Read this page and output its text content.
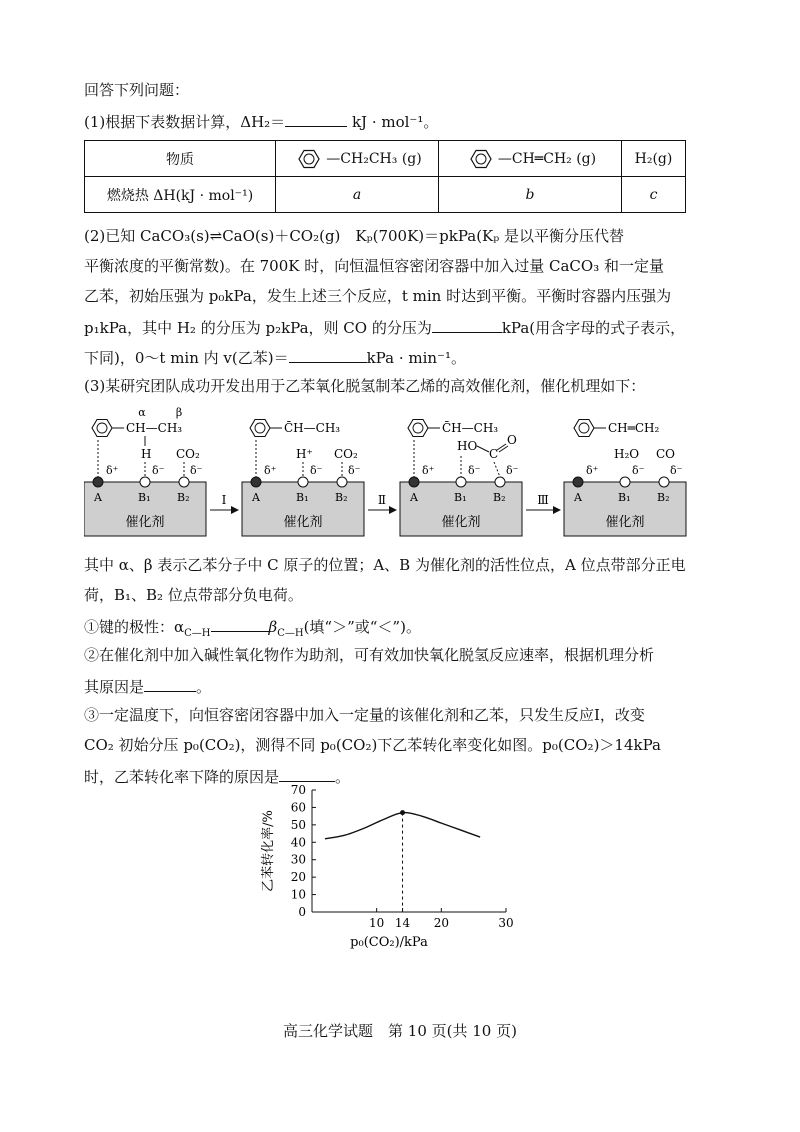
回答下列问题：
(1)根据下表数据计算，ΔH₂＝	kJ · mol⁻¹。
物质	—CH₂CH₃ (g)	—CH═CH₂ (g)	H₂(g)
燃烧热 ΔH(kJ · mol⁻¹)	a	b	c
(2)已知 CaCO₃(s)⇌CaO(s)＋CO₂(g)　Kₚ(700K)＝pkPa(Kₚ 是以平衡分压代替
平衡浓度的平衡常数)。在 700K 时，向恒温恒容密闭容器中加入过量 CaCO₃ 和一定量
乙苯，初始压强为 p₀kPa，发生上述三个反应，t min 时达到平衡。平衡时容器内压强为
p₁kPa，其中 H₂ 的分压为 p₂kPa，则 CO 的分压为	kPa(用含字母的式子表示，
下同)，0～t min 内 v(乙苯)＝	kPa · min⁻¹。
(3)某研究团队成功开发出用于乙苯氧化脱氢制苯乙烯的高效催化剂，催化机理如下：
催化剂	催化剂	催化剂	催化剂
Ⅰ	Ⅱ	Ⅲ
α	β
CH—CH₃
H CO₂
δ⁺	δ⁻ δ⁻
A	B₁ B₂
C̄H—CH₃
H⁺ CO₂
δ⁺	δ⁻ δ⁻
A	B₁ B₂
C̄H—CH₃
HO
C
O
δ⁺	δ⁻ δ⁻
A	B₁ B₂
CH═CH₂
H₂O CO
δ⁺	δ⁻ δ⁻
A	B₁ B₂
其中 α、β 表示乙苯分子中 C 原子的位置；A、B 为催化剂的活性位点，A 位点带部分正电
荷，B₁、B₂ 位点带部分负电荷。
①键的极性：$\alpha_{C—H}$	$\beta_{C—H}$(填“＞”或“＜”)。
②在催化剂中加入碱性氧化物作为助剂，可有效加快氧化脱氢反应速率，根据机理分析
其原因是	。
③一定温度下，向恒容密闭容器中加入一定量的该催化剂和乙苯，只发生反应Ⅰ，改变
CO₂ 初始分压 p₀(CO₂)，测得不同 p₀(CO₂)下乙苯转化率变化如图。p₀(CO₂)＞14kPa
时，乙苯转化率下降的原因是	。
0
10
20
30
40
50
60
70
10 14 20	30
乙苯转化率/%
p₀(CO₂)/kPa
高三化学试题　第 10 页(共 10 页)
